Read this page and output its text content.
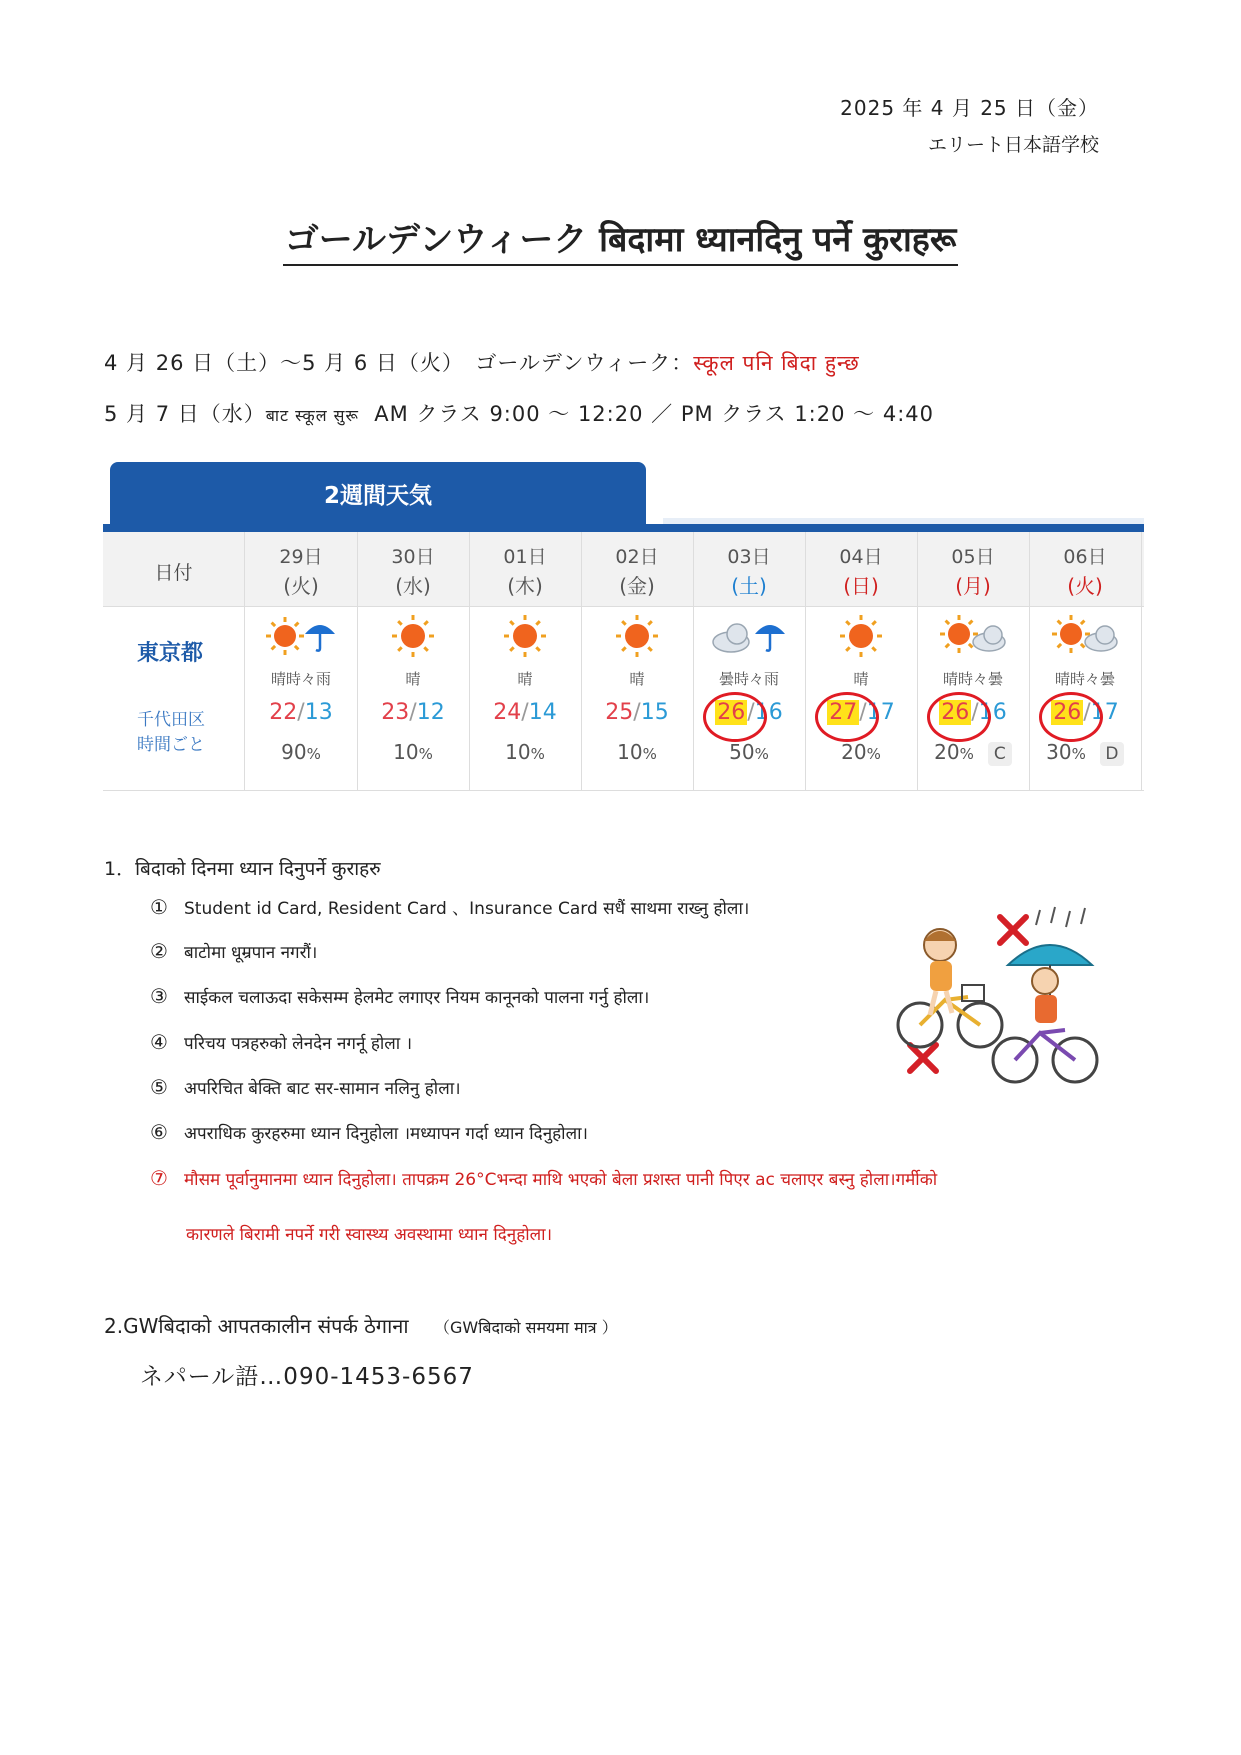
2025 年 4 月 25 日（金）
エリート日本語学校
ゴールデンウィーク बिदामा ध्यानदिनु पर्ने कुराहरू
4 月 26 日（土）〜5 月 6 日（火）　ゴールデンウィーク：स्कूल पनि बिदा हुन्छ
5 月 7 日（水）बाट स्कूल सुरू AM クラス 9:00 ～ 12:20 ／ PM クラス 1:20 ～ 4:40
2週間天気
日付
東京都
千代田区
時間ごと
29日
(火)
晴時々雨
22/13
90%
30日
(水)
晴
23/12
10%
01日
(木)
晴
24/14
10%
02日
(金)
晴
25/15
10%
03日
(土)
曇時々雨
26/16
50%
04日
(日)
晴
27/17
20%
05日
(月)
晴時々曇
26/16
20% C
06日
(火)
晴時々曇
26/17
30% D
1．बिदाको दिनमा ध्यान दिनुपर्ने कुराहरु
कारणले बिरामी नपर्ने गरी स्वास्थ्य अवस्थामा ध्यान दिनुहोला।
2.GWबिदाको आपतकालीन संपर्क ठेगाना （GWबिदाको समयमा मात्र ）
ネパール語…090-1453-6567
① Student id Card, Resident Card 、Insurance Card सधैं साथमा राख्नु होला।
② बाटोमा धूम्रपान नगरौं।
③ साईकल चलाऊदा सकेसम्म हेलमेट लगाएर नियम कानूनको पालना गर्नु होला।
④ परिचय पत्रहरुको लेनदेन नगर्नू होला ।
⑤ अपरिचित बेक्ति बाट सर-सामान नलिनु होला।
⑥ अपराधिक कुरहरुमा ध्यान दिनुहोला ।मध्यापन गर्दा ध्यान दिनुहोला।
⑦ मौसम पूर्वानुमानमा ध्यान दिनुहोला। तापक्रम 26°Cभन्दा माथि भएको बेला प्रशस्त पानी पिएर ac चलाएर बस्नु होला।गर्मीको
